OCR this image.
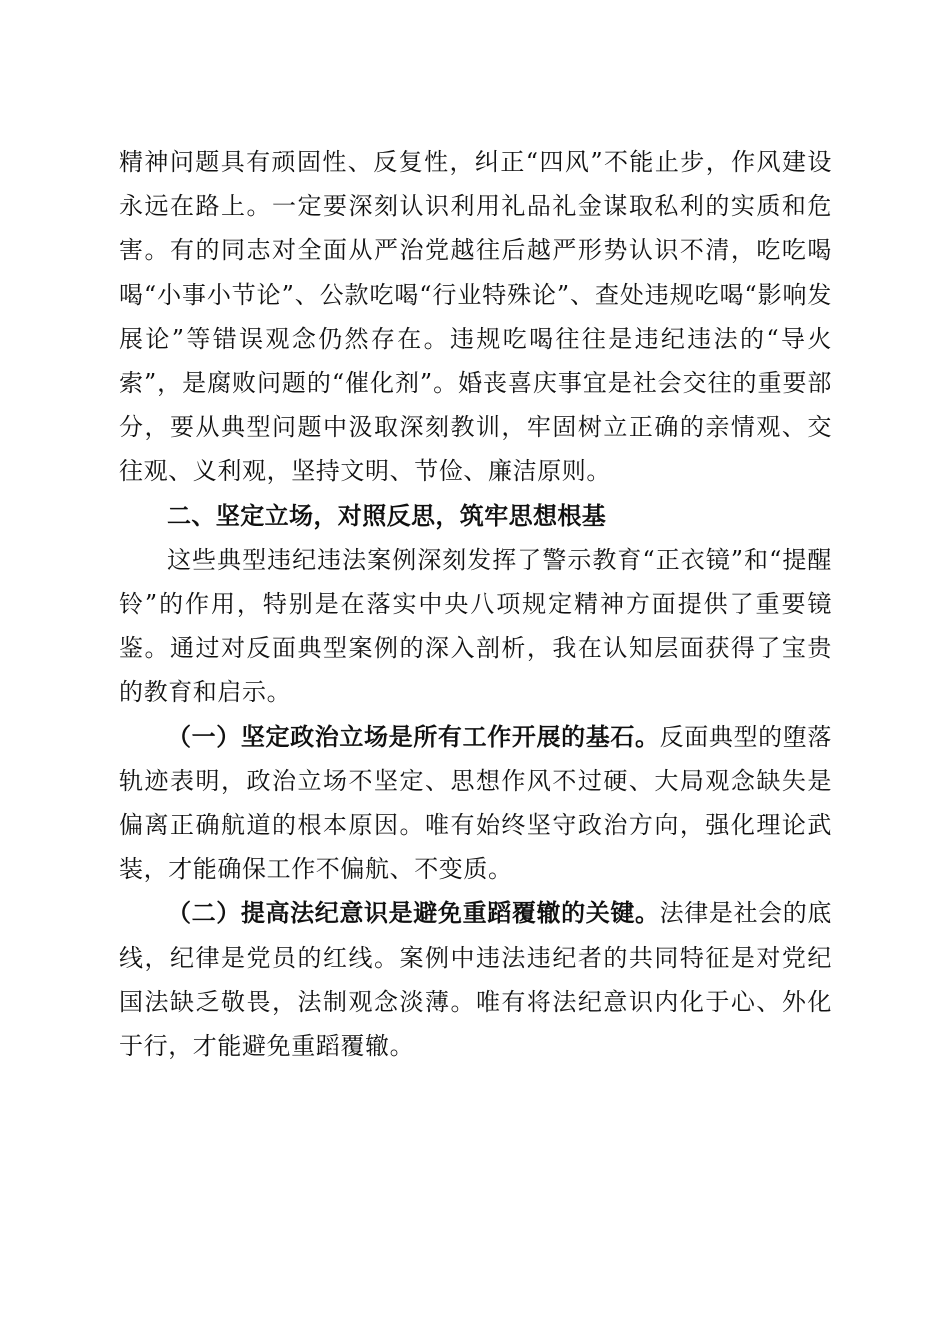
精神问题具有顽固性、反复性，纠正“四风”不能止步，作风建设永远在路上。一定要深刻认识利用礼品礼金谋取私利的实质和危害。有的同志对全面从严治党越往后越严形势认识不清，吃吃喝喝“小事小节论”、公款吃喝“行业特殊论”、查处违规吃喝“影响发展论”等错误观念仍然存在。违规吃喝往往是违纪违法的“导火索”，是腐败问题的“催化剂”。婚丧喜庆事宜是社会交往的重要部分，要从典型问题中汲取深刻教训，牢固树立正确的亲情观、交往观、义利观，坚持文明、节俭、廉洁原则。

二、坚定立场，对照反思，筑牢思想根基

这些典型违纪违法案例深刻发挥了警示教育“正衣镜”和“提醒铃”的作用，特别是在落实中央八项规定精神方面提供了重要镜鉴。通过对反面典型案例的深入剖析，我在认知层面获得了宝贵的教育和启示。

（一）坚定政治立场是所有工作开展的基石。反面典型的堕落轨迹表明，政治立场不坚定、思想作风不过硬、大局观念缺失是偏离正确航道的根本原因。唯有始终坚守政治方向，强化理论武装，才能确保工作不偏航、不变质。

（二）提高法纪意识是避免重蹈覆辙的关键。法律是社会的底线，纪律是党员的红线。案例中违法违纪者的共同特征是对党纪国法缺乏敬畏，法制观念淡薄。唯有将法纪意识内化于心、外化于行，才能避免重蹈覆辙。
